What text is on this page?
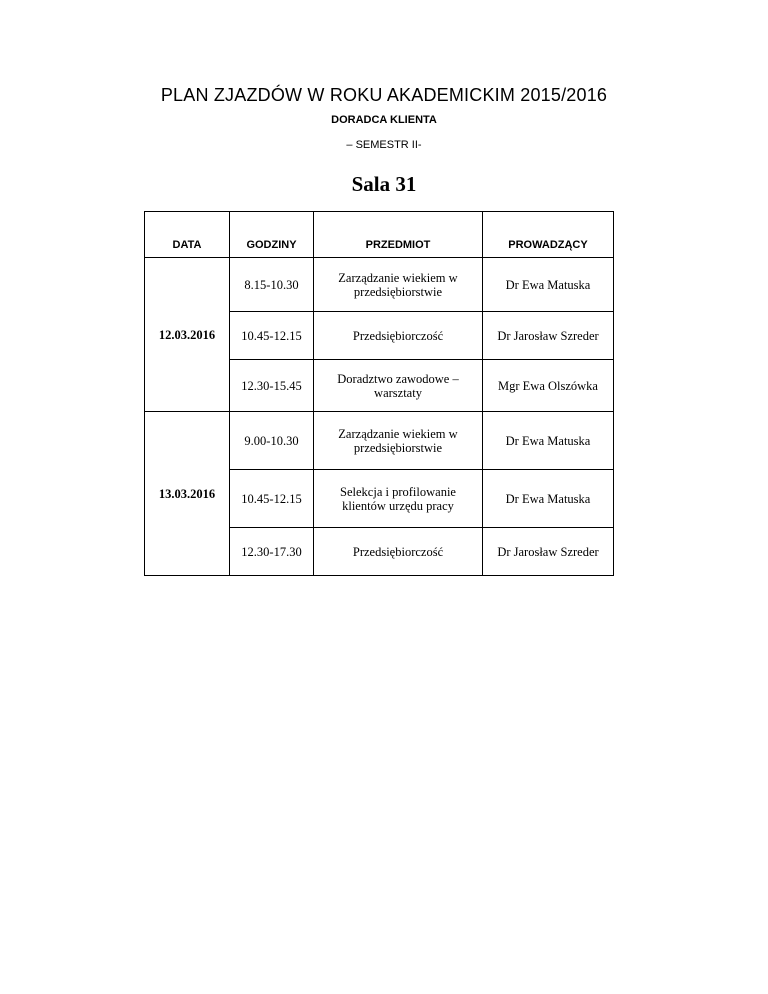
PLAN ZJAZDÓW W ROKU AKADEMICKIM 2015/2016
DORADCA KLIENTA
– SEMESTR II-
Sala 31
DATA	GODZINY	PRZEDMIOT	PROWADZĄCY
12.03.2016	8.15-10.30	Zarządzanie wiekiem w przedsiębiorstwie	Dr Ewa Matuska
	10.45-12.15	Przedsiębiorczość	Dr Jarosław Szreder
	12.30-15.45	Doradztwo zawodowe – warsztaty	Mgr Ewa Olszówka
13.03.2016	9.00-10.30	Zarządzanie wiekiem w przedsiębiorstwie	Dr Ewa Matuska
	10.45-12.15	Selekcja i profilowanie klientów urzędu pracy	Dr Ewa Matuska
	12.30-17.30	Przedsiębiorczość	Dr Jarosław Szreder
